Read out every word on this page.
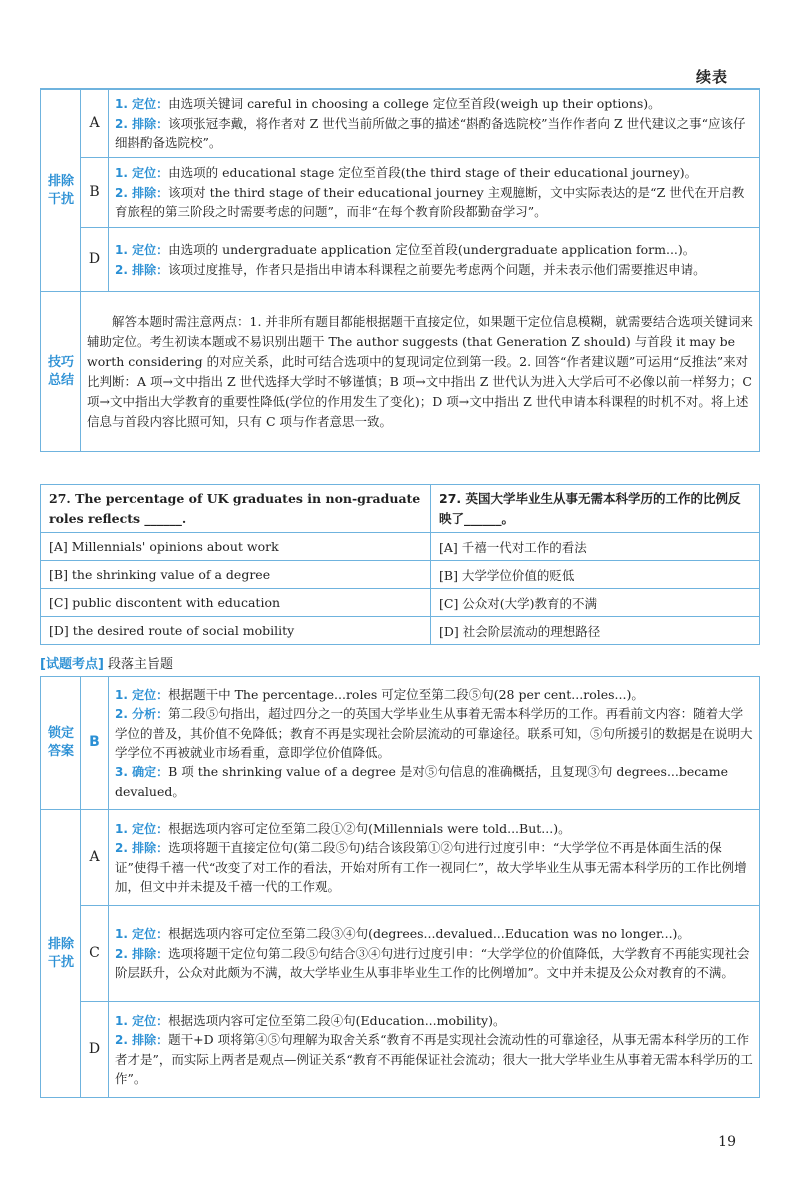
续表
排除干扰	A	1. 定位：由选项关键词 careful in choosing a college 定位至首段(weigh up their options)。
2. 排除：该项张冠李戴，将作者对 Z 世代当前所做之事的描述“斟酌备选院校”当作作者向 Z 世代建议之事“应该仔细斟酌备选院校”。

	B	1. 定位：由选项的 educational stage 定位至首段(the third stage of their educational journey)。
2. 排除：该项对 the third stage of their educational journey 主观臆断，文中实际表达的是“Z 世代在开启教育旅程的第三阶段之时需要考虑的问题”，而非“在每个教育阶段都勤奋学习”。

	D	1. 定位：由选项的 undergraduate application 定位至首段(undergraduate application form...)。
2. 排除：该项过度推导，作者只是指出申请本科课程之前要先考虑两个问题，并未表示他们需要推迟申请。

技巧总结	解答本题时需注意两点：1. 并非所有题目都能根据题干直接定位，如果题干定位信息模糊，就需要结合选项关键词来辅助定位。考生初读本题或不易识别出题干 The author suggests (that Generation Z should) 与首段 it may be worth considering 的对应关系，此时可结合选项中的复现词定位到第一段。2. 回答“作者建议题”可运用“反推法”来对比判断：A 项→文中指出 Z 世代选择大学时不够谨慎；B 项→文中指出 Z 世代认为进入大学后可不必像以前一样努力；C 项→文中指出大学教育的重要性降低(学位的作用发生了变化)；D 项→文中指出 Z 世代申请本科课程的时机不对。将上述信息与首段内容比照可知，只有 C 项与作者意思一致。	
27. The percentage of UK graduates in non-graduate roles reflects ______.	27. 英国大学毕业生从事无需本科学历的工作的比例反映了______。
[A] Millennials' opinions about work	[A] 千禧一代对工作的看法
[B] the shrinking value of a degree	[B] 大学学位价值的贬低
[C] public discontent with education	[C] 公众对(大学)教育的不满
[D] the desired route of social mobility	[D] 社会阶层流动的理想路径
[试题考点] 段落主旨题
锁定答案	B	1. 定位：根据题干中 The percentage...roles 可定位至第二段⑤句(28 per cent...roles...)。
2. 分析：第二段⑤句指出，超过四分之一的英国大学毕业生从事着无需本科学历的工作。再看前文内容：随着大学学位的普及，其价值不免降低；教育不再是实现社会阶层流动的可靠途径。联系可知，⑤句所援引的数据是在说明大学学位不再被就业市场看重，意即学位价值降低。
3. 确定：B 项 the shrinking value of a degree 是对⑤句信息的准确概括，且复现③句 degrees...became devalued。

排除干扰	A	1. 定位：根据选项内容可定位至第二段①②句(Millennials were told...But...)。
2. 排除：选项将题干直接定位句(第二段⑤句)结合该段第①②句进行过度引申：“大学学位不再是体面生活的保证”使得千禧一代“改变了对工作的看法，开始对所有工作一视同仁”，故大学毕业生从事无需本科学历的工作比例增加，但文中并未提及千禧一代的工作观。

	C	1. 定位：根据选项内容可定位至第二段③④句(degrees...devalued...Education was no longer...)。
2. 排除：选项将题干定位句第二段⑤句结合③④句进行过度引申：“大学学位的价值降低，大学教育不再能实现社会阶层跃升，公众对此颇为不满，故大学毕业生从事非毕业生工作的比例增加”。文中并未提及公众对教育的不满。

	D	1. 定位：根据选项内容可定位至第二段④句(Education...mobility)。
2. 排除：题干+D 项将第④⑤句理解为取舍关系“教育不再是实现社会流动性的可靠途径，从事无需本科学历的工作者才是”，而实际上两者是观点—例证关系“教育不再能保证社会流动；很大一批大学毕业生从事着无需本科学历的工作”。
19
